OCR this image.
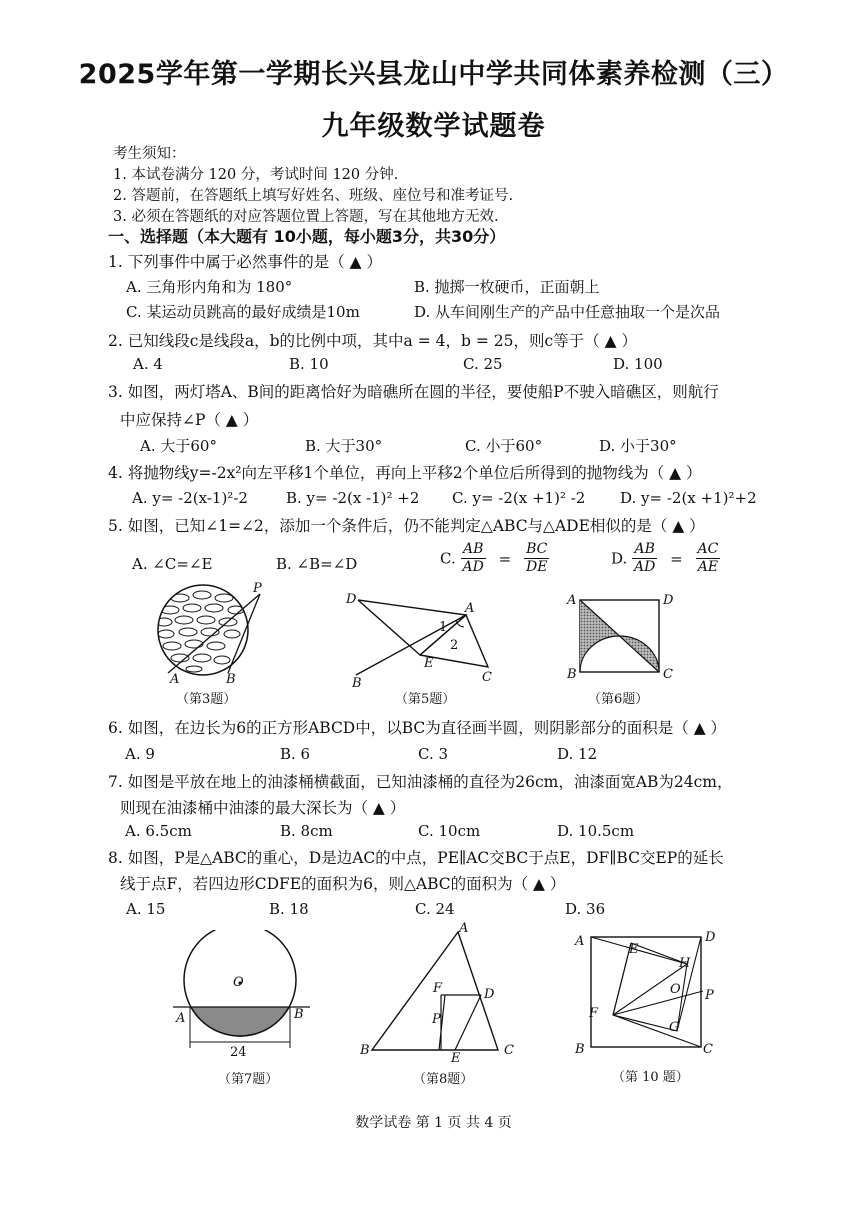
2025学年第一学期长兴县龙山中学共同体素养检测（三）
九年级数学试题卷
考生须知：
1. 本试卷满分 120 分，考试时间 120 分钟.
2. 答题前，在答题纸上填写好姓名、班级、座位号和准考证号.
3. 必须在答题纸的对应答题位置上答题，写在其他地方无效.
一、选择题（本大题有 10小题，每小题3分，共30分）
1. 下列事件中属于必然事件的是（ ▲ ）
A. 三角形内角和为 180°	B. 抛掷一枚硬币，正面朝上
C. 某运动员跳高的最好成绩是10m	D. 从车间刚生产的产品中任意抽取一个是次品
2. 已知线段c是线段a，b的比例中项，其中a = 4，b = 25，则c等于（ ▲ ）
A. 4	B. 10	C. 25	D. 100
3. 如图，两灯塔A、B间的距离恰好为暗礁所在圆的半径，要使船P不驶入暗礁区，则航行
中应保持∠P（ ▲ ）
A. 大于60°	B. 大于30°	C. 小于60°	D. 小于30°
4. 将抛物线y=-2x²向左平移1个单位，再向上平移2个单位后所得到的抛物线为（ ▲ ）
A. y= -2(x-1)²-2	B. y= -2(x -1)² +2 C. y= -2(x +1)² -2 D. y= -2(x +1)²+2
5. 如图，已知∠1=∠2，添加一个条件后，仍不能判定△ABC与△ADE相似的是（ ▲ ）
A. ∠C=∠E	B. ∠B=∠D	C. $\frac{AB}{AD} = \frac{BC}{DE}$	D. $\frac{AB}{AD} = \frac{AC}{AE}$
P
A	B
（第3题）
D
A
1
2
E
B	C
（第5题）
A	D
B	C
（第6题）
6. 如图，在边长为6的正方形ABCD中，以BC为直径画半圆，则阴影部分的面积是（ ▲ ）
A. 9	B. 6	C. 3	D. 12
7. 如图是平放在地上的油漆桶横截面，已知油漆桶的直径为26cm，油漆面宽AB为24cm，
则现在油漆桶中油漆的最大深长为（ ▲ ）
A. 6.5cm	B. 8cm	C. 10cm	D. 10.5cm
8. 如图，P是△ABC的重心，D是边AC的中点，PE∥AC交BC于点E，DF∥BC交EP的延长
线于点F，若四边形CDFE的面积为6，则△ABC的面积为（ ▲ ）
A. 15	B. 18	C. 24	D. 36
O
A	B
24
（第7题）
A
F	D
P
B
E
C
（第8题）
A
E
D
H
O P
F
G
B	C
（第 10 题）
数学试卷 第 1 页 共 4 页
